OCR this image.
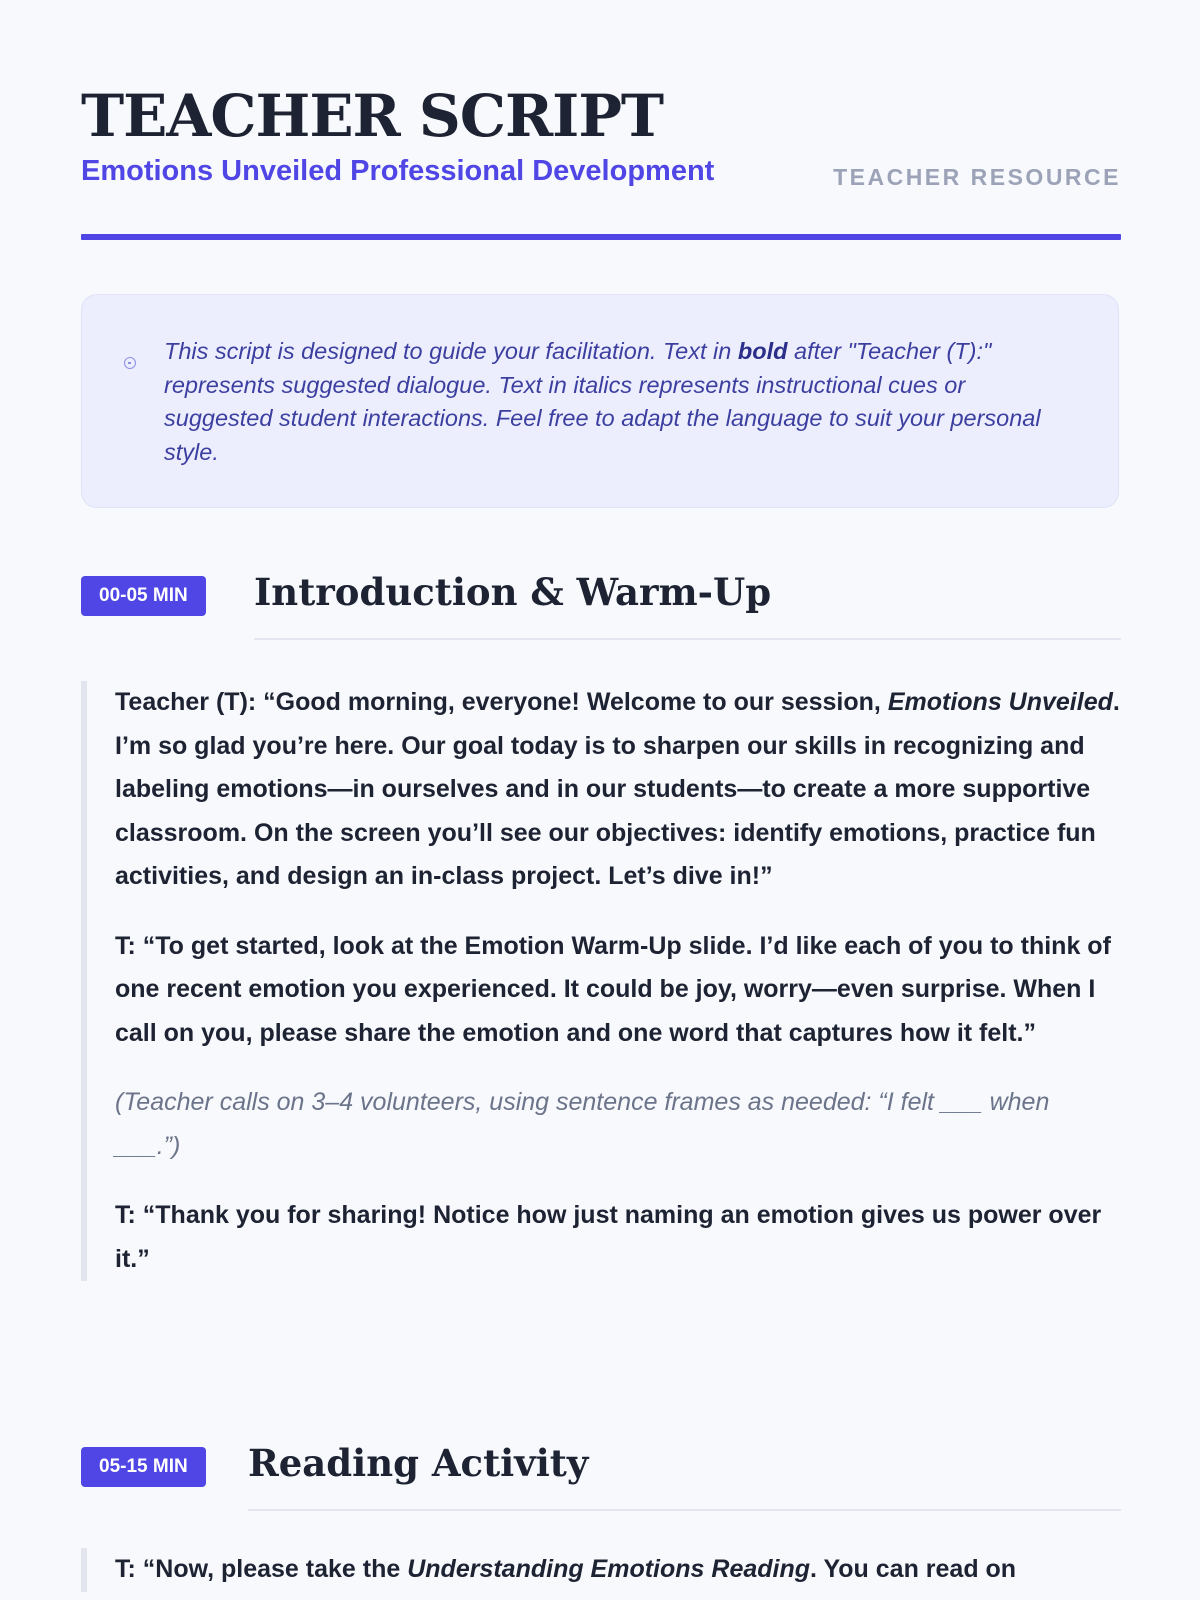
TEACHER SCRIPT
Emotions Unveiled Professional Development	TEACHER RESOURCE

This script is designed to guide your facilitation. Text in bold after "Teacher (T):" represents suggested dialogue. Text in italics represents instructional cues or suggested student interactions. Feel free to adapt the language to suit your personal style.

00-05 MIN	Introduction & Warm-Up

Teacher (T): “Good morning, everyone! Welcome to our session, Emotions Unveiled. I’m so glad you’re here. Our goal today is to sharpen our skills in recognizing and labeling emotions—in ourselves and in our students—to create a more supportive classroom. On the screen you’ll see our objectives: identify emotions, practice fun activities, and design an in-class project. Let’s dive in!”

T: “To get started, look at the Emotion Warm-Up slide. I’d like each of you to think of one recent emotion you experienced. It could be joy, worry—even surprise. When I call on you, please share the emotion and one word that captures how it felt.”

(Teacher calls on 3–4 volunteers, using sentence frames as needed: “I felt ___ when ___.”)

T: “Thank you for sharing! Notice how just naming an emotion gives us power over it.”

05-15 MIN	Reading Activity

T: “Now, please take the Understanding Emotions Reading. You can read on
